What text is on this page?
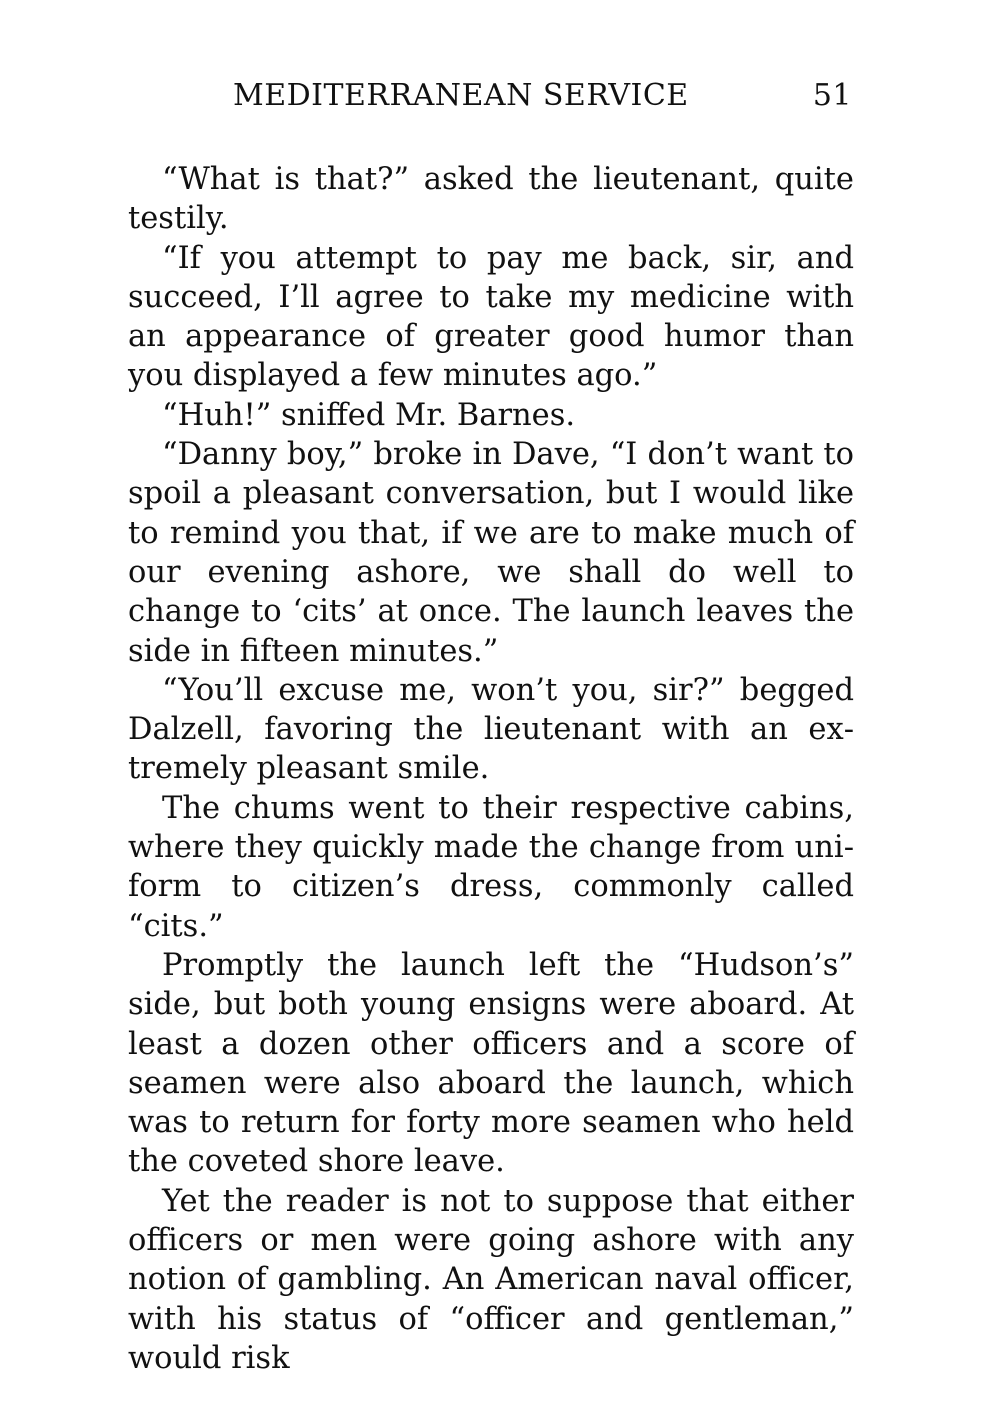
MEDITERRANEAN SERVICE	51

“What is that?” asked the lieutenant, quite testily.

“If you attempt to pay me back, sir, and succeed, I’ll agree to take my medicine with an appearance of greater good humor than you displayed a few minutes ago.”

“Huh!” sniffed Mr. Barnes.

“Danny boy,” broke in Dave, “I don’t want to spoil a pleasant conversation, but I would like to remind you that, if we are to make much of our evening ashore, we shall do well to change to ‘cits’ at once. The launch leaves the side in fifteen minutes.”

“You’ll excuse me, won’t you, sir?” begged Dalzell, favoring the lieutenant with an extremely pleasant smile.

The chums went to their respective cabins, where they quickly made the change from uniform to citizen’s dress, commonly called “cits.”

Promptly the launch left the “Hudson’s” side, but both young ensigns were aboard. At least a dozen other officers and a score of seamen were also aboard the launch, which was to return for forty more seamen who held the coveted shore leave.

Yet the reader is not to suppose that either officers or men were going ashore with any notion of gambling. An American naval officer, with his status of “officer and gentleman,” would risk
